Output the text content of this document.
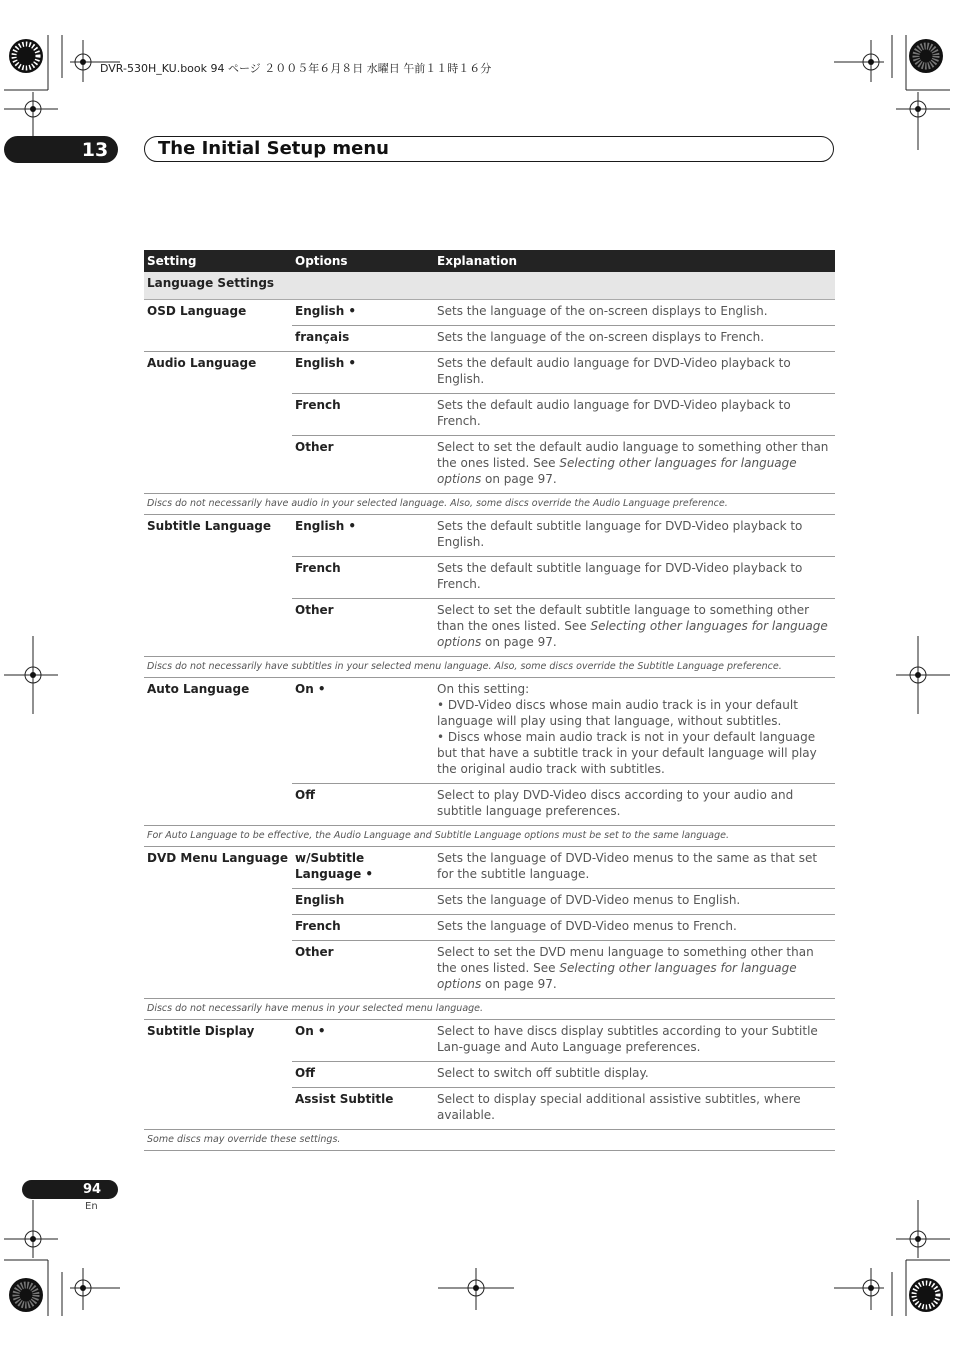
DVR-530H_KU.book 94 ページ ２００５年６月８日 水曜日 午前１１時１６分
13	The Initial Setup menu
Setting	Options	Explanation
Language Settings		
OSD Language	English •	Sets the language of the on-screen displays to English.
	français	Sets the language of the on-screen displays to French.
Audio Language	English •	Sets the default audio language for DVD-Video playback to English.
	French	Sets the default audio language for DVD-Video playback to French.
	Other	Select to set the default audio language to something other than the ones listed. See Selecting other languages for language options on page 97.
Discs do not necessarily have audio in your selected language. Also, some discs override the Audio Language preference.		
Subtitle Language	English •	Sets the default subtitle language for DVD-Video playback to English.
	French	Sets the default subtitle language for DVD-Video playback to French.
	Other	Select to set the default subtitle language to something other than the ones listed. See Selecting other languages for language options on page 97.
Discs do not necessarily have subtitles in your selected menu language. Also, some discs override the Subtitle Language preference.		
Auto Language	On •	On this setting:
• DVD-Video discs whose main audio track is in your default language will play using that language, without subtitles.
• Discs whose main audio track is not in your default language but that have a subtitle track in your default language will play the original audio track with subtitles.

	Off	Select to play DVD-Video discs according to your audio and subtitle language preferences.
For Auto Language to be effective, the Audio Language and Subtitle Language options must be set to the same language.		
DVD Menu Language	w/Subtitle Language •	Sets the language of DVD-Video menus to the same as that set for the subtitle language.
	English	Sets the language of DVD-Video menus to English.
	French	Sets the language of DVD-Video menus to French.
	Other	Select to set the DVD menu language to something other than the ones listed. See Selecting other languages for language options on page 97.
Discs do not necessarily have menus in your selected menu language.		
Subtitle Display	On •	Select to have discs display subtitles according to your Subtitle Lan-guage and Auto Language preferences.
	Off	Select to switch off subtitle display.
	Assist Subtitle	Select to display special additional assistive subtitles, where available.
Some discs may override these settings.		
94
En
